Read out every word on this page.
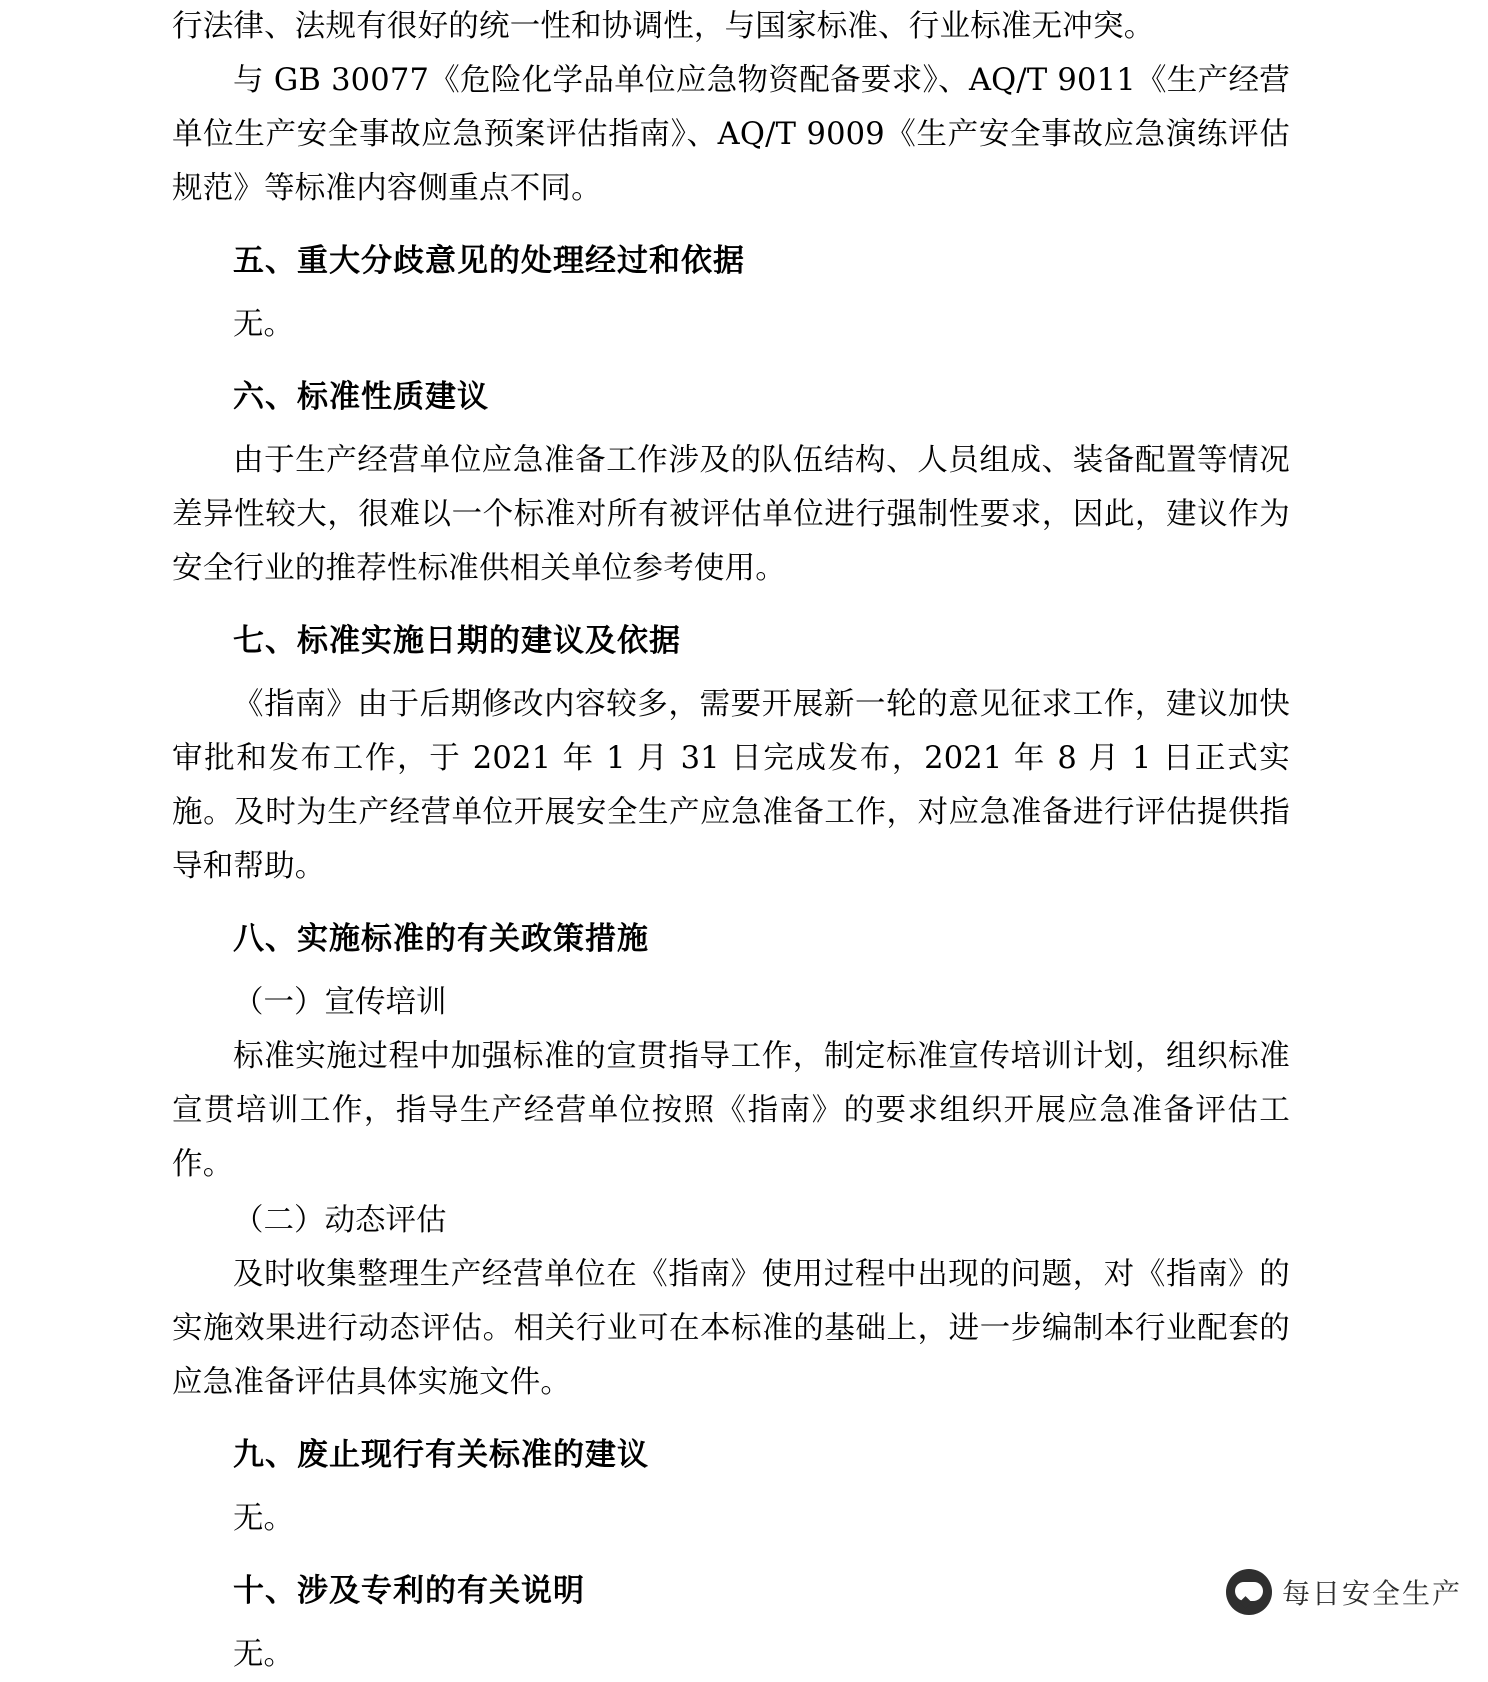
行法律、法规有很好的统一性和协调性，与国家标准、行业标准无冲突。

与 GB 30077《危险化学品单位应急物资配备要求》、AQ/T 9011《生产经营单位生产安全事故应急预案评估指南》、AQ/T 9009《生产安全事故应急演练评估规范》等标准内容侧重点不同。

五、重大分歧意见的处理经过和依据

无。

六、标准性质建议

由于生产经营单位应急准备工作涉及的队伍结构、人员组成、装备配置等情况差异性较大，很难以一个标准对所有被评估单位进行强制性要求，因此，建议作为安全行业的推荐性标准供相关单位参考使用。

七、标准实施日期的建议及依据

《指南》由于后期修改内容较多，需要开展新一轮的意见征求工作，建议加快审批和发布工作，于 2021 年 1 月 31 日完成发布，2021 年 8 月 1 日正式实施。及时为生产经营单位开展安全生产应急准备工作，对应急准备进行评估提供指导和帮助。

八、实施标准的有关政策措施

（一）宣传培训

标准实施过程中加强标准的宣贯指导工作，制定标准宣传培训计划，组织标准宣贯培训工作，指导生产经营单位按照《指南》的要求组织开展应急准备评估工作。

（二）动态评估

及时收集整理生产经营单位在《指南》使用过程中出现的问题，对《指南》的实施效果进行动态评估。相关行业可在本标准的基础上，进一步编制本行业配套的应急准备评估具体实施文件。

九、废止现行有关标准的建议

无。

十、涉及专利的有关说明

无。

每日安全生产
